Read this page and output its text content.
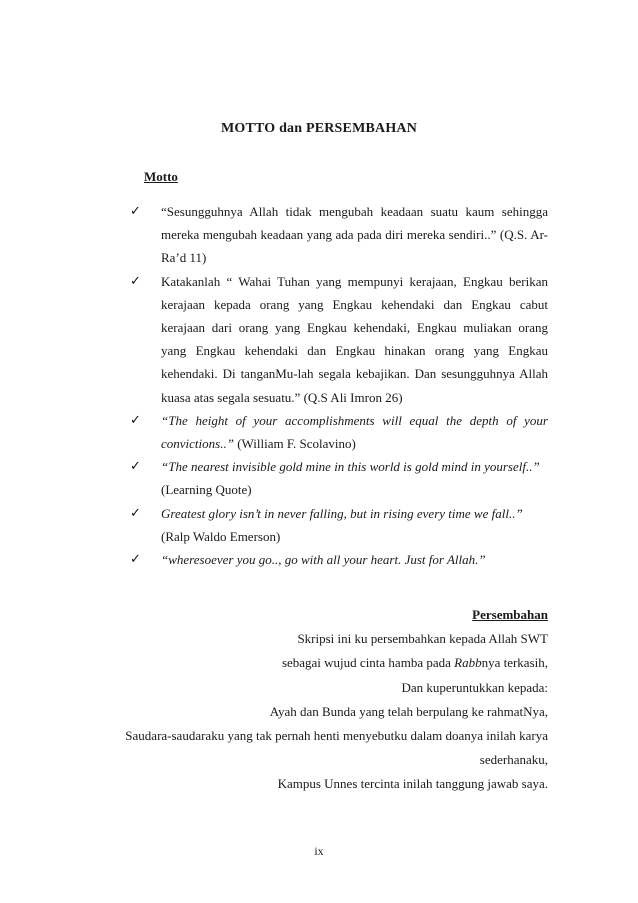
MOTTO dan PERSEMBAHAN
Motto
✓ “Sesungguhnya Allah tidak mengubah keadaan suatu kaum sehingga mereka mengubah keadaan yang ada pada diri mereka sendiri..” (Q.S. Ar-Ra’d 11)
✓ Katakanlah “ Wahai Tuhan yang mempunyi kerajaan, Engkau berikan kerajaan kepada orang yang Engkau kehendaki dan Engkau cabut kerajaan dari orang yang Engkau kehendaki, Engkau muliakan orang yang Engkau kehendaki dan Engkau hinakan orang yang Engkau kehendaki. Di tanganMu-lah segala kebajikan. Dan sesungguhnya Allah kuasa atas segala sesuatu.” (Q.S Ali Imron 26)
✓ “The height of your accomplishments will equal the depth of your convictions..” (William F. Scolavino)
✓ “The nearest invisible gold mine in this world is gold mind in yourself..”
(Learning Quote)
✓ Greatest glory isn’t in never falling, but in rising every time we fall..”
(Ralp Waldo Emerson)
✓ “wheresoever you go.., go with all your heart. Just for Allah.”
Persembahan
Skripsi ini ku persembahkan kepada Allah SWT
sebagai wujud cinta hamba pada Rabbnya terkasih,
Dan kuperuntukkan kepada:
Ayah dan Bunda yang telah berpulang ke rahmatNya,
Saudara-saudaraku yang tak pernah henti menyebutku dalam doanya inilah karya
sederhanaku,
Kampus Unnes tercinta inilah tanggung jawab saya.
ix
